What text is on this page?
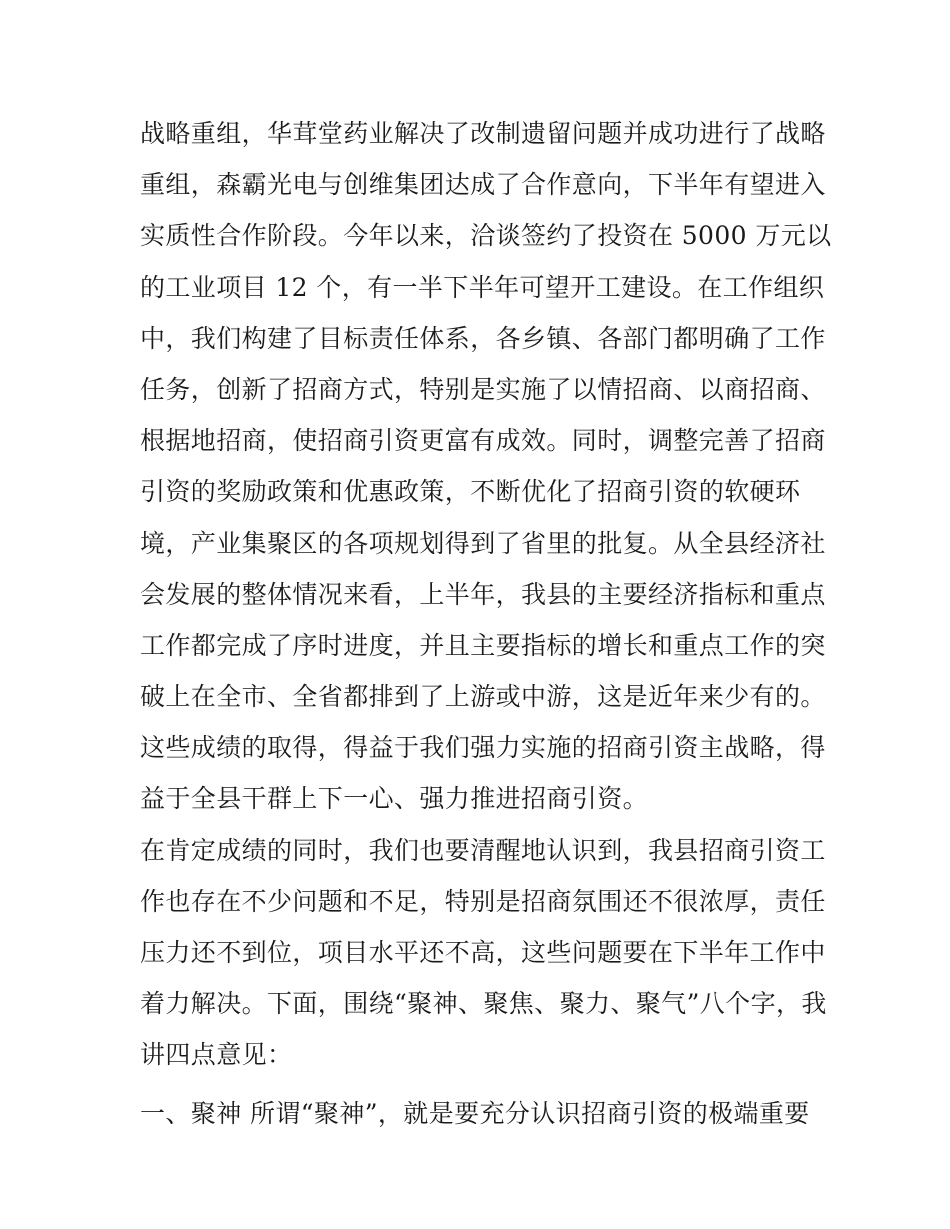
战略重组，华茸堂药业解决了改制遗留问题并成功进行了战略

重组，森霸光电与创维集团达成了合作意向，下半年有望进入

实质性合作阶段。今年以来，洽谈签约了投资在 5000 万元以

的工业项目 12 个，有一半下半年可望开工建设。在工作组织

中，我们构建了目标责任体系，各乡镇、各部门都明确了工作

任务，创新了招商方式，特别是实施了以情招商、以商招商、

根据地招商，使招商引资更富有成效。同时，调整完善了招商

引资的奖励政策和优惠政策，不断优化了招商引资的软硬环

境，产业集聚区的各项规划得到了省里的批复。从全县经济社

会发展的整体情况来看，上半年，我县的主要经济指标和重点

工作都完成了序时进度，并且主要指标的增长和重点工作的突

破上在全市、全省都排到了上游或中游，这是近年来少有的。

这些成绩的取得，得益于我们强力实施的招商引资主战略，得

益于全县干群上下一心、强力推进招商引资。

在肯定成绩的同时，我们也要清醒地认识到，我县招商引资工

作也存在不少问题和不足，特别是招商氛围还不很浓厚，责任

压力还不到位，项目水平还不高，这些问题要在下半年工作中

着力解决。下面，围绕“聚神、聚焦、聚力、聚气”八个字，我

讲四点意见：

一、聚神 所谓“聚神”，就是要充分认识招商引资的极端重要
